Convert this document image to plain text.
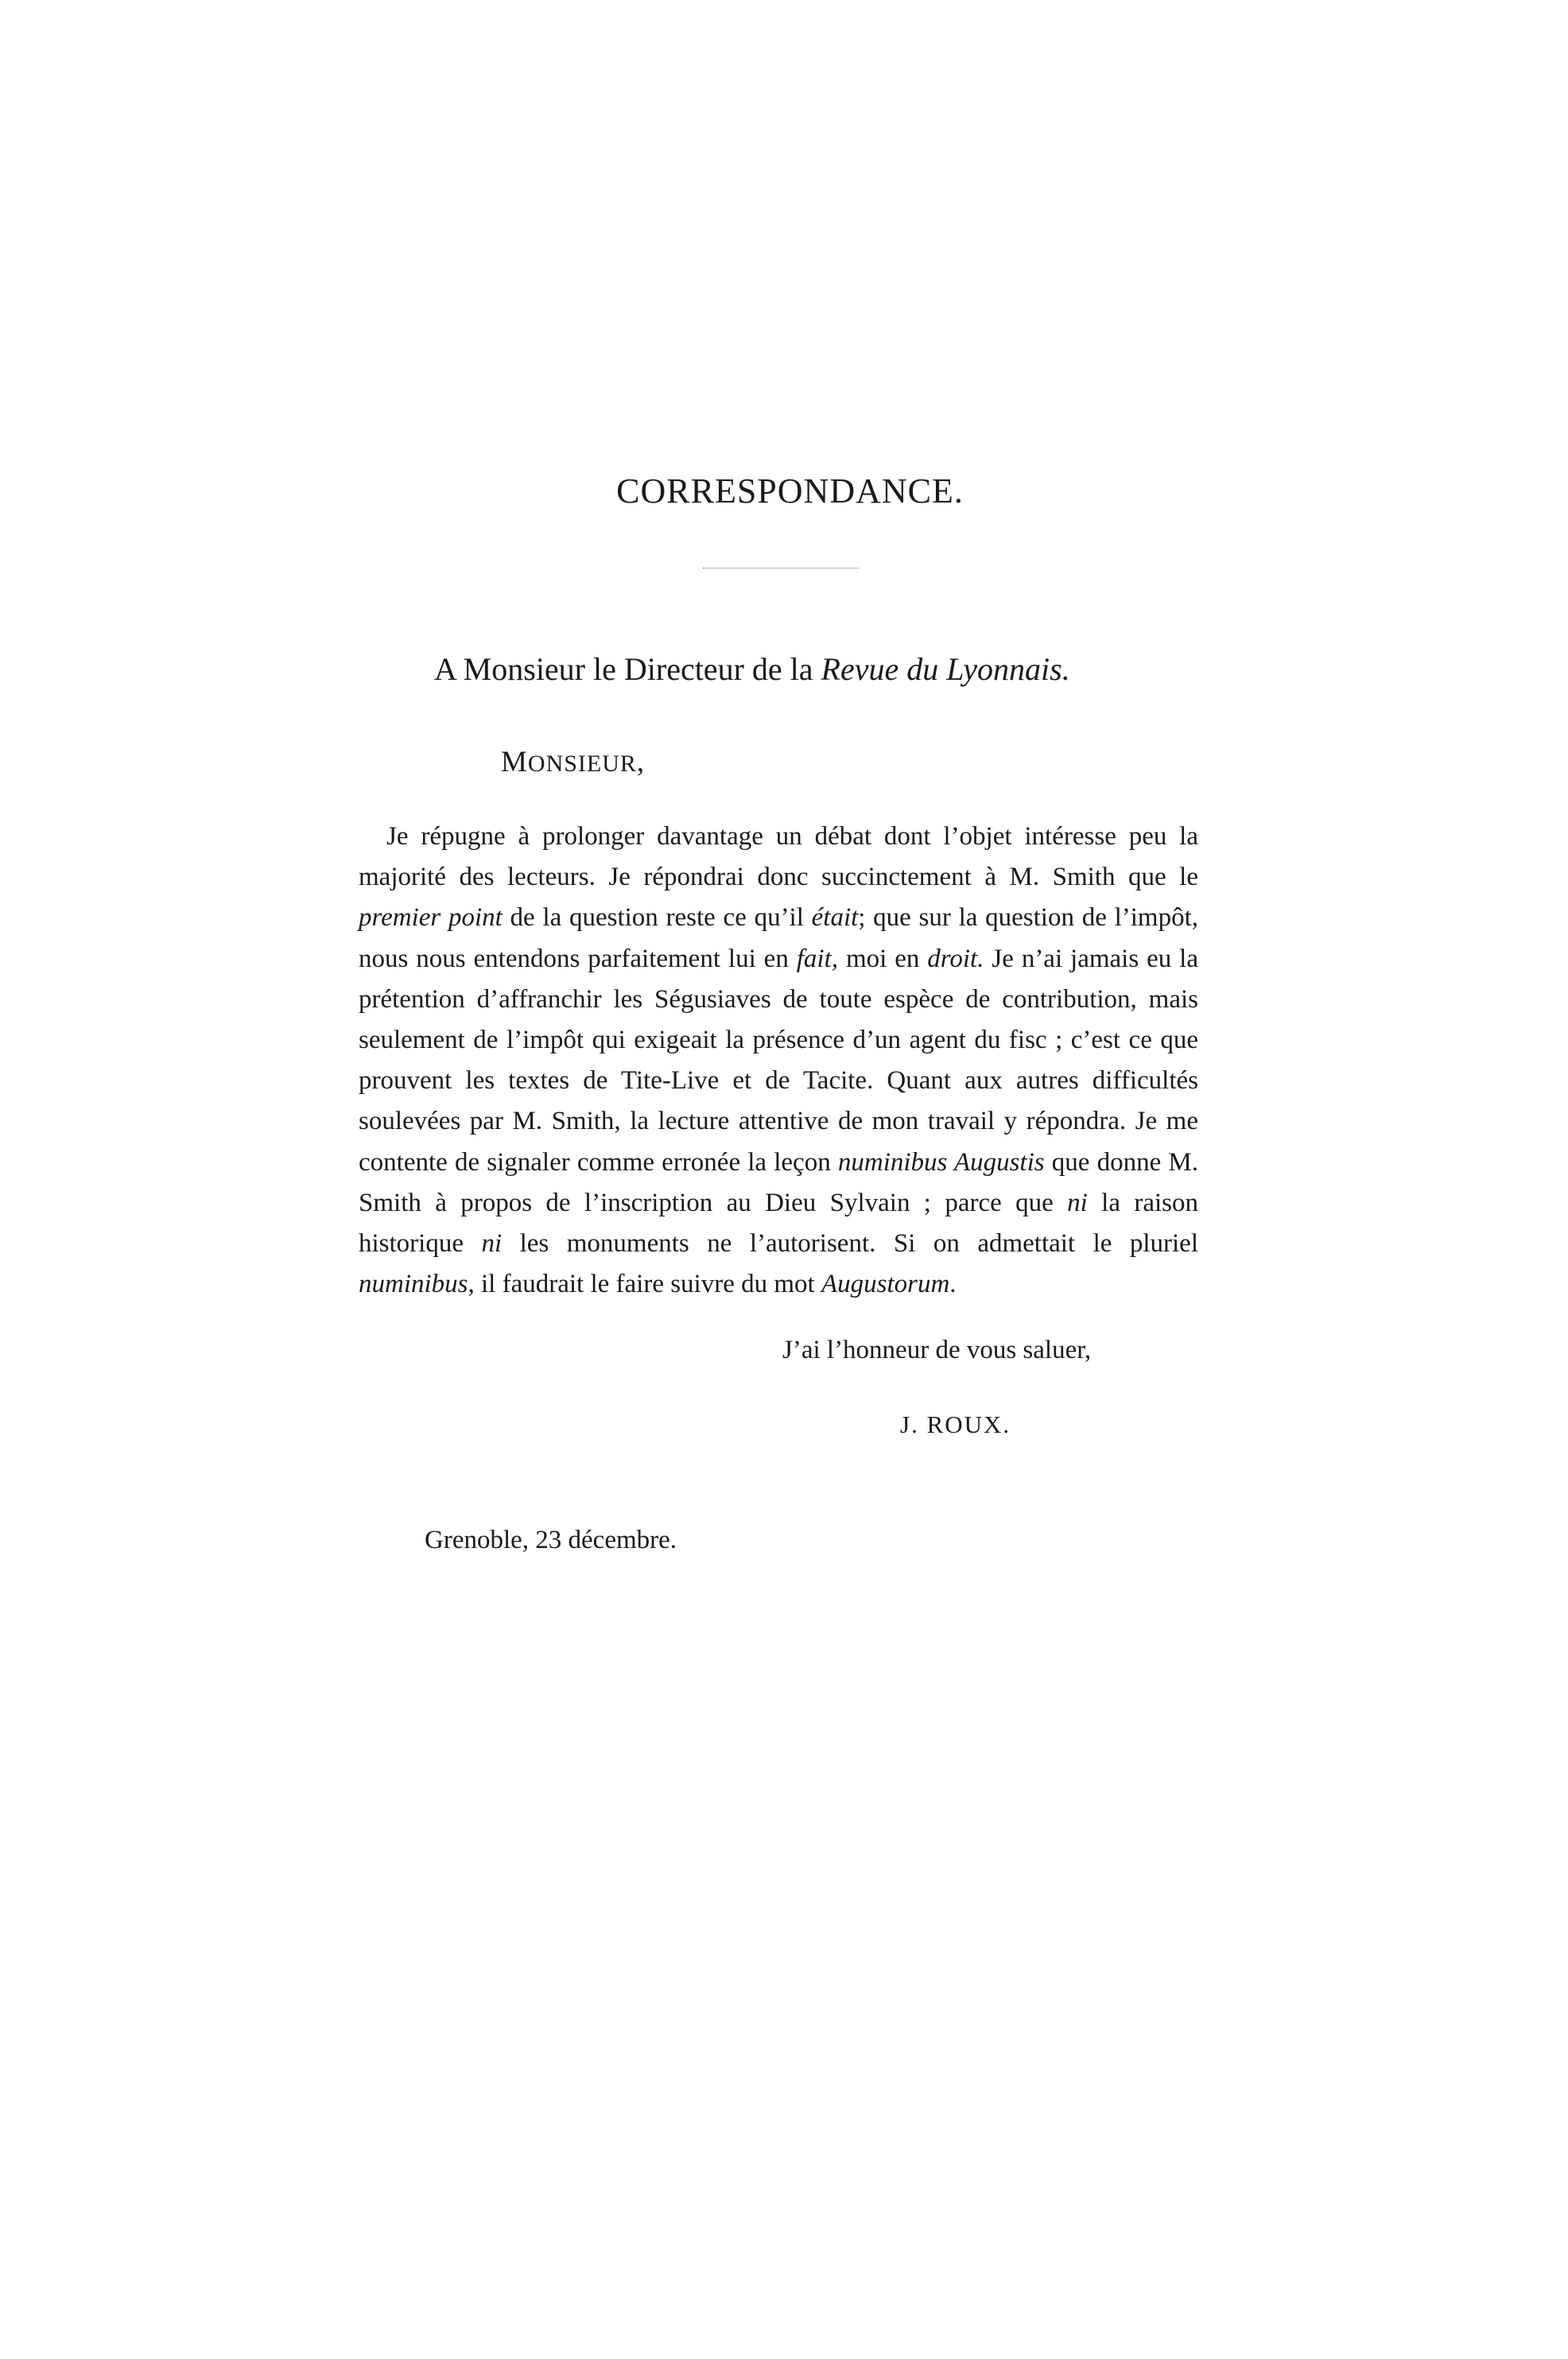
CORRESPONDANCE.
A Monsieur le Directeur de la Revue du Lyonnais.
MONSIEUR,

Je répugne à prolonger davantage un débat dont l’objet intéresse peu la majorité des lecteurs. Je répondrai donc succinctement à M. Smith que le premier point de la question reste ce qu’il était; que sur la question de l’impôt, nous nous entendons parfaitement lui en fait, moi en droit. Je n’ai jamais eu la prétention d’affranchir les Ségusiaves de toute espèce de contribution, mais seulement de l’impôt qui exigeait la présence d’un agent du fisc ; c’est ce que prouvent les textes de Tite-Live et de Tacite. Quant aux autres difficultés soulevées par M. Smith, la lecture attentive de mon travail y répondra. Je me contente de signaler comme erronée la leçon numinibus Augustis que donne M. Smith à propos de l’inscription au Dieu Sylvain ; parce que ni la raison historique ni les monuments ne l’autorisent. Si on admettait le pluriel numinibus, il faudrait le faire suivre du mot Augustorum.

J’ai l’honneur de vous saluer,
J. ROUX.
Grenoble, 23 décembre.
